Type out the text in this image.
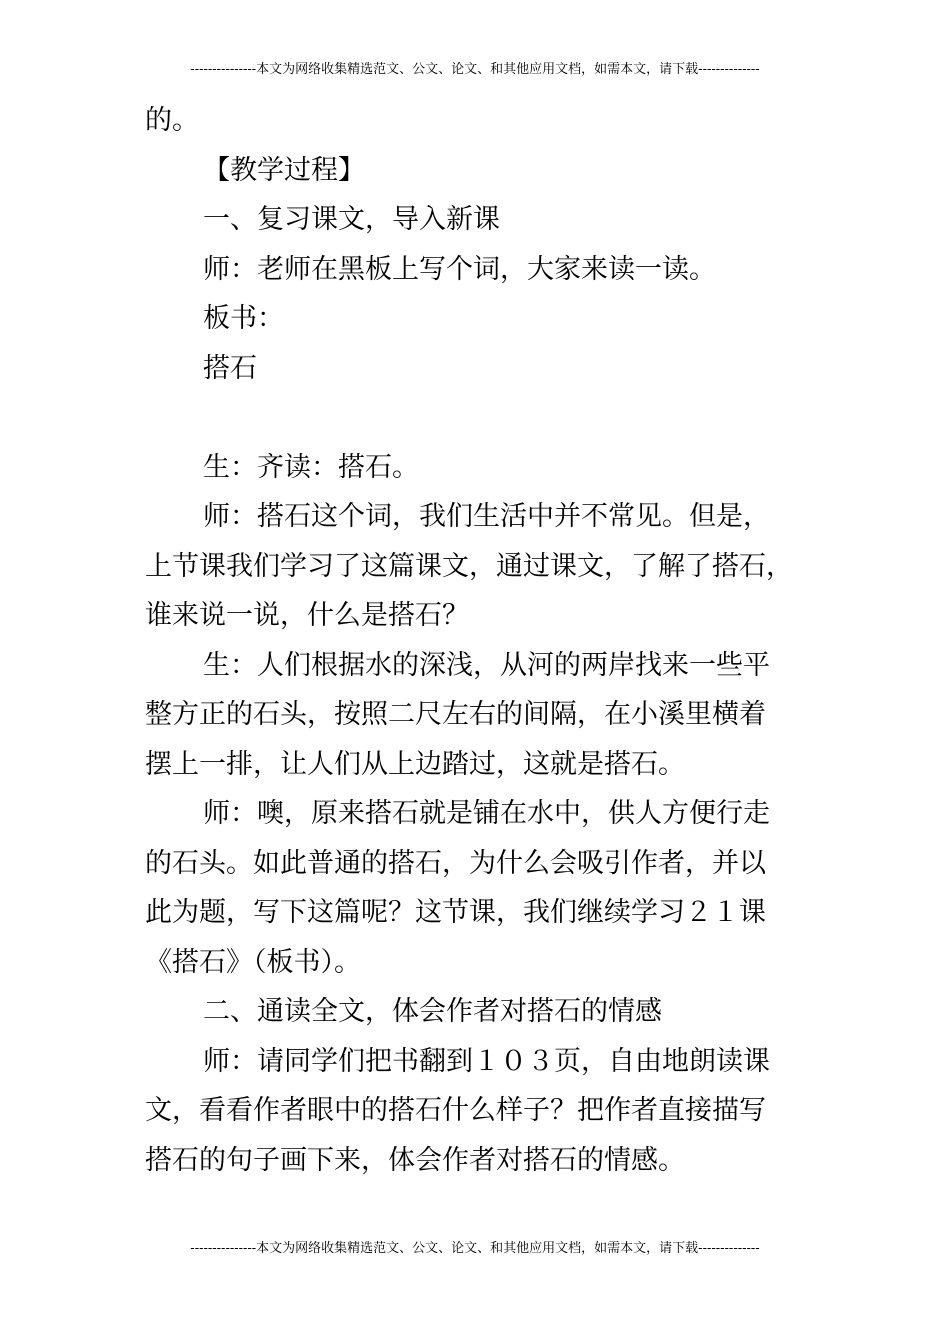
---------------本文为网络收集精选范文、公文、论文、和其他应用文档，如需本文，请下载--------------
的。
【教学过程】
一、复习课文，导入新课
师：老师在黑板上写个词，大家来读一读。
板书：
搭石
生：齐读：搭石。
师：搭石这个词，我们生活中并不常见。但是，
上节课我们学习了这篇课文，通过课文，了解了搭石，
谁来说一说，什么是搭石？
生：人们根据水的深浅，从河的两岸找来一些平
整方正的石头，按照二尺左右的间隔，在小溪里横着
摆上一排，让人们从上边踏过，这就是搭石。
师：噢，原来搭石就是铺在水中，供人方便行走
的石头。如此普通的搭石，为什么会吸引作者，并以
此为题，写下这篇呢？这节课，我们继续学习２１课
《搭石》（板书）。
二、通读全文，体会作者对搭石的情感
师：请同学们把书翻到１０３页，自由地朗读课
文，看看作者眼中的搭石什么样子？把作者直接描写
搭石的句子画下来，体会作者对搭石的情感。
---------------本文为网络收集精选范文、公文、论文、和其他应用文档，如需本文，请下载--------------
